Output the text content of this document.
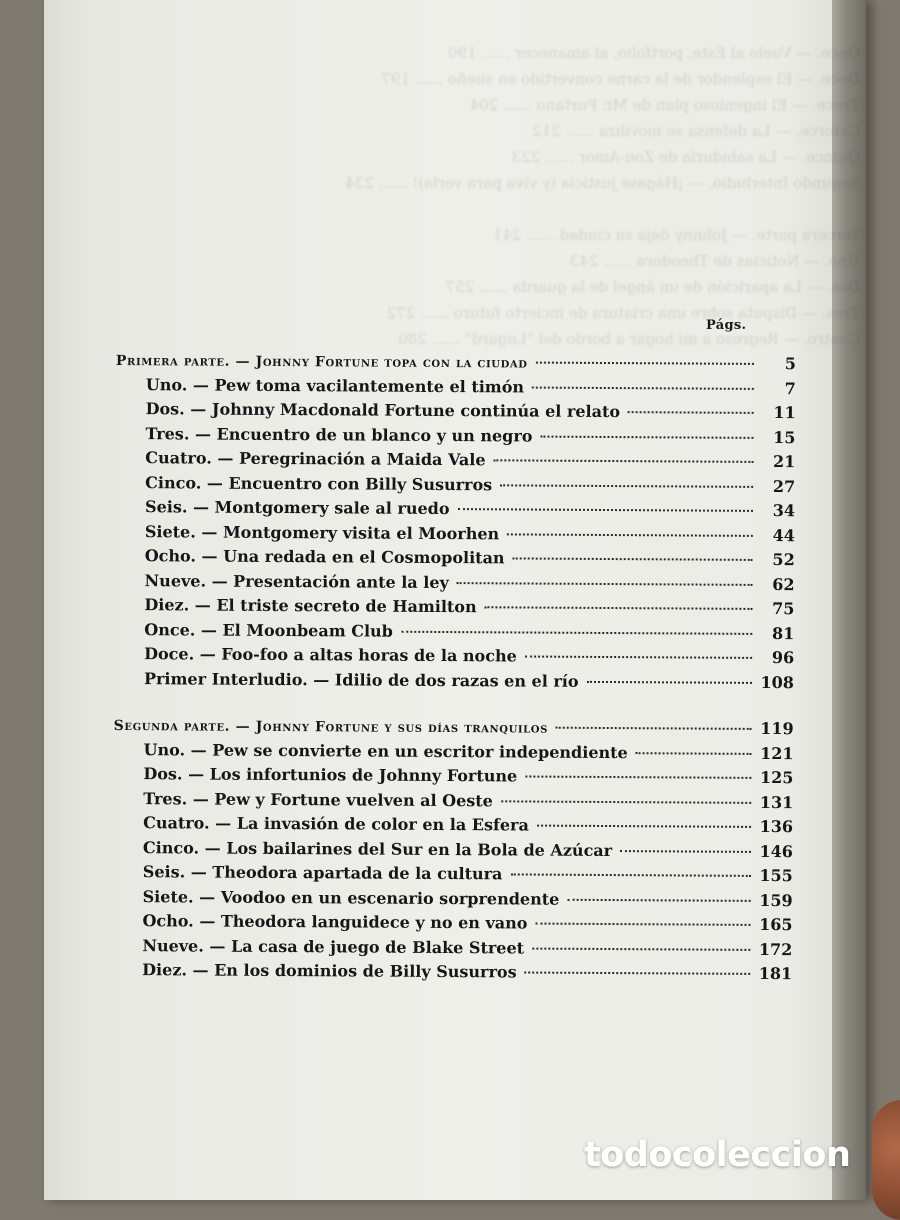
Once. — Vuelo al Este, portfolio, al amanecer ...... 190
Doce. — El esplendor de la carne convertido en sueño ...... 197
Trece. — El ingenioso plan de Mr. Furtano ...... 204
Catorce. — La defensa se moviliza ...... 212
Quince. — La sabiduría de Zou-Amor ...... 223
Segundo Interludio. — ¡Hágase justicia (y viva para verla)! ...... 234
Tercera parte. — Johnny deja su ciudad ...... 241
Uno. — Noticias de Theodora ...... 243
Dos. — La aparición de un ángel de la guarda ...... 257
Tres. — Disputa sobre una criatura de incierto futuro ...... 272
Cuatro. — Regreso a mi hogar a bordo del "Lugard" ...... 280
Págs.
Primera parte. — Johnny Fortune topa con la ciudad	5
Uno. — Pew toma vacilantemente el timón	7
Dos. — Johnny Macdonald Fortune continúa el relato	11
Tres. — Encuentro de un blanco y un negro	15
Cuatro. — Peregrinación a Maida Vale	21
Cinco. — Encuentro con Billy Susurros	27
Seis. — Montgomery sale al ruedo	34
Siete. — Montgomery visita el Moorhen	44
Ocho. — Una redada en el Cosmopolitan	52
Nueve. — Presentación ante la ley	62
Diez. — El triste secreto de Hamilton	75
Once. — El Moonbeam Club	81
Doce. — Foo-foo a altas horas de la noche	96
Primer Interludio. — Idilio de dos razas en el río	108
Segunda parte. — Johnny Fortune y sus días tranquilos	119
Uno. — Pew se convierte en un escritor independiente	121
Dos. — Los infortunios de Johnny Fortune	125
Tres. — Pew y Fortune vuelven al Oeste	131
Cuatro. — La invasión de color en la Esfera	136
Cinco. — Los bailarines del Sur en la Bola de Azúcar	146
Seis. — Theodora apartada de la cultura	155
Siete. — Voodoo en un escenario sorprendente	159
Ocho. — Theodora languidece y no en vano	165
Nueve. — La casa de juego de Blake Street	172
Diez. — En los dominios de Billy Susurros	181
todocoleccion
